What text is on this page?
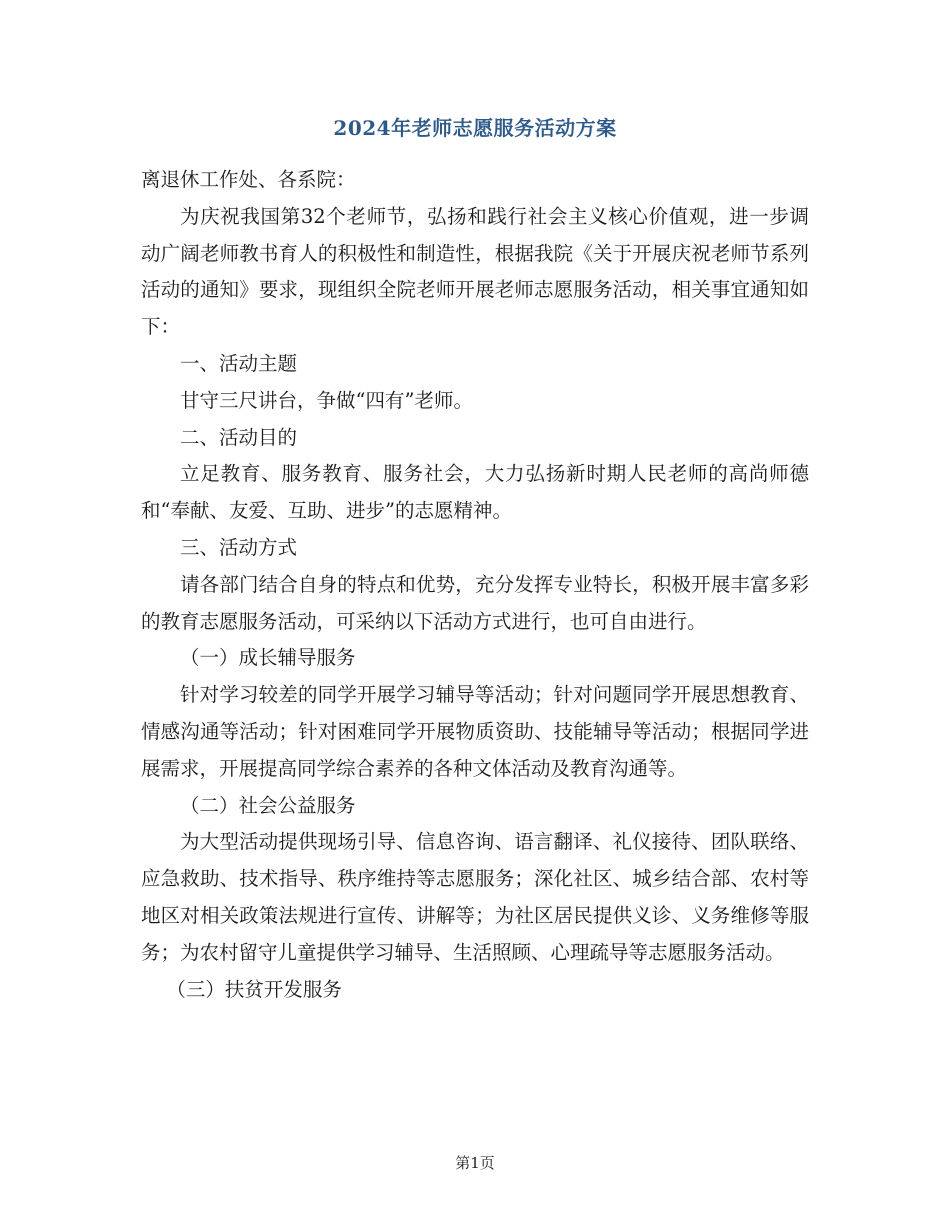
2024年老师志愿服务活动方案

离退休工作处、各系院：

为庆祝我国第32个老师节，弘扬和践行社会主义核心价值观，进一步调动广阔老师教书育人的积极性和制造性，根据我院《关于开展庆祝老师节系列活动的通知》要求，现组织全院老师开展老师志愿服务活动，相关事宜通知如下：

一、活动主题

甘守三尺讲台，争做“四有”老师。

二、活动目的

立足教育、服务教育、服务社会，大力弘扬新时期人民老师的高尚师德和“奉献、友爱、互助、进步”的志愿精神。

三、活动方式

请各部门结合自身的特点和优势，充分发挥专业特长，积极开展丰富多彩的教育志愿服务活动，可采纳以下活动方式进行，也可自由进行。

（一）成长辅导服务

针对学习较差的同学开展学习辅导等活动；针对问题同学开展思想教育、情感沟通等活动；针对困难同学开展物质资助、技能辅导等活动；根据同学进展需求，开展提高同学综合素养的各种文体活动及教育沟通等。

（二）社会公益服务

为大型活动提供现场引导、信息咨询、语言翻译、礼仪接待、团队联络、应急救助、技术指导、秩序维持等志愿服务；深化社区、城乡结合部、农村等地区对相关政策法规进行宣传、讲解等；为社区居民提供义诊、义务维修等服务；为农村留守儿童提供学习辅导、生活照顾、心理疏导等志愿服务活动。

（三）扶贫开发服务

第1页
